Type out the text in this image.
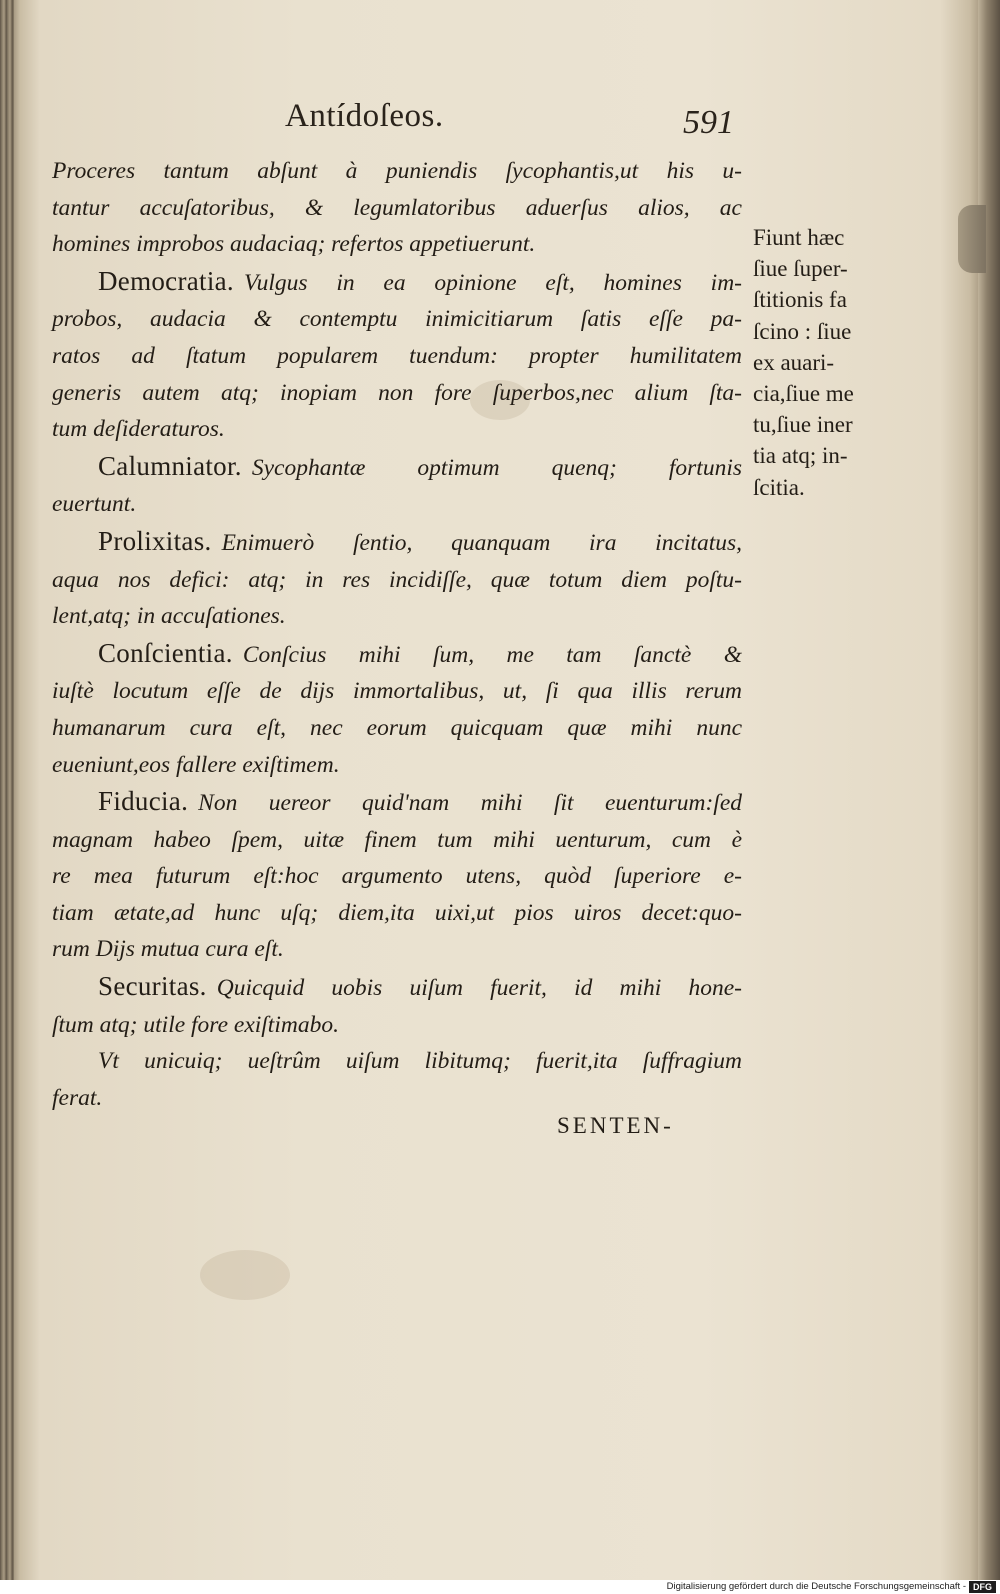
Antídoſeos.	591
Proceres tantum abſunt à puniendis ſycophantis,ut his u-
tantur accuſatoribus, & legumlatoribus aduerſus alios, ac
homines improbos audaciaq; refertos appetiuerunt.
Democratia. Vulgus in ea opinione eſt, homines im-
probos, audacia & contemptu inimicitiarum ſatis eſſe pa-
ratos ad ſtatum popularem tuendum: propter humilitatem
generis autem atq; inopiam non fore ſuperbos,nec alium ſta-
tum deſideraturos.
Calumniator. Sycophantæ optimum quenq; fortunis
euertunt.
Prolixitas. Enimuerò ſentio, quanquam ira incitatus,
aqua nos defici: atq; in res incidiſſe, quæ totum diem poſtu-
lent,atq; in accuſationes.
Conſcientia. Conſcius mihi ſum, me tam ſanctè &
iuſtè locutum eſſe de dijs immortalibus, ut, ſi qua illis rerum
humanarum cura eſt, nec eorum quicquam quæ mihi nunc
eueniunt,eos fallere exiſtimem.
Fiducia. Non uereor quid'nam mihi ſit euenturum:ſed
magnam habeo ſpem, uitæ finem tum mihi uenturum, cum è
re mea futurum eſt:hoc argumento utens, quòd ſuperiore e-
tiam ætate,ad hunc uſq; diem,ita uixi,ut pios uiros decet:quo-
rum Dijs mutua cura eſt.
Securitas. Quicquid uobis uiſum fuerit, id mihi hone-
ſtum atq; utile fore exiſtimabo.
Vt unicuiq; ueſtrûm uiſum libitumq; fuerit,ita ſuffragium
ferat.
Fiunt hæc
ſiue ſuper-
ſtitionis fa
ſcino : ſiue
ex auari-
cia,ſiue me
tu,ſiue iner
tia atq; in-
ſcitia.
SENTEN-
Digitalisierung gefördert durch die Deutsche Forschungsgemeinschaft - DFG
